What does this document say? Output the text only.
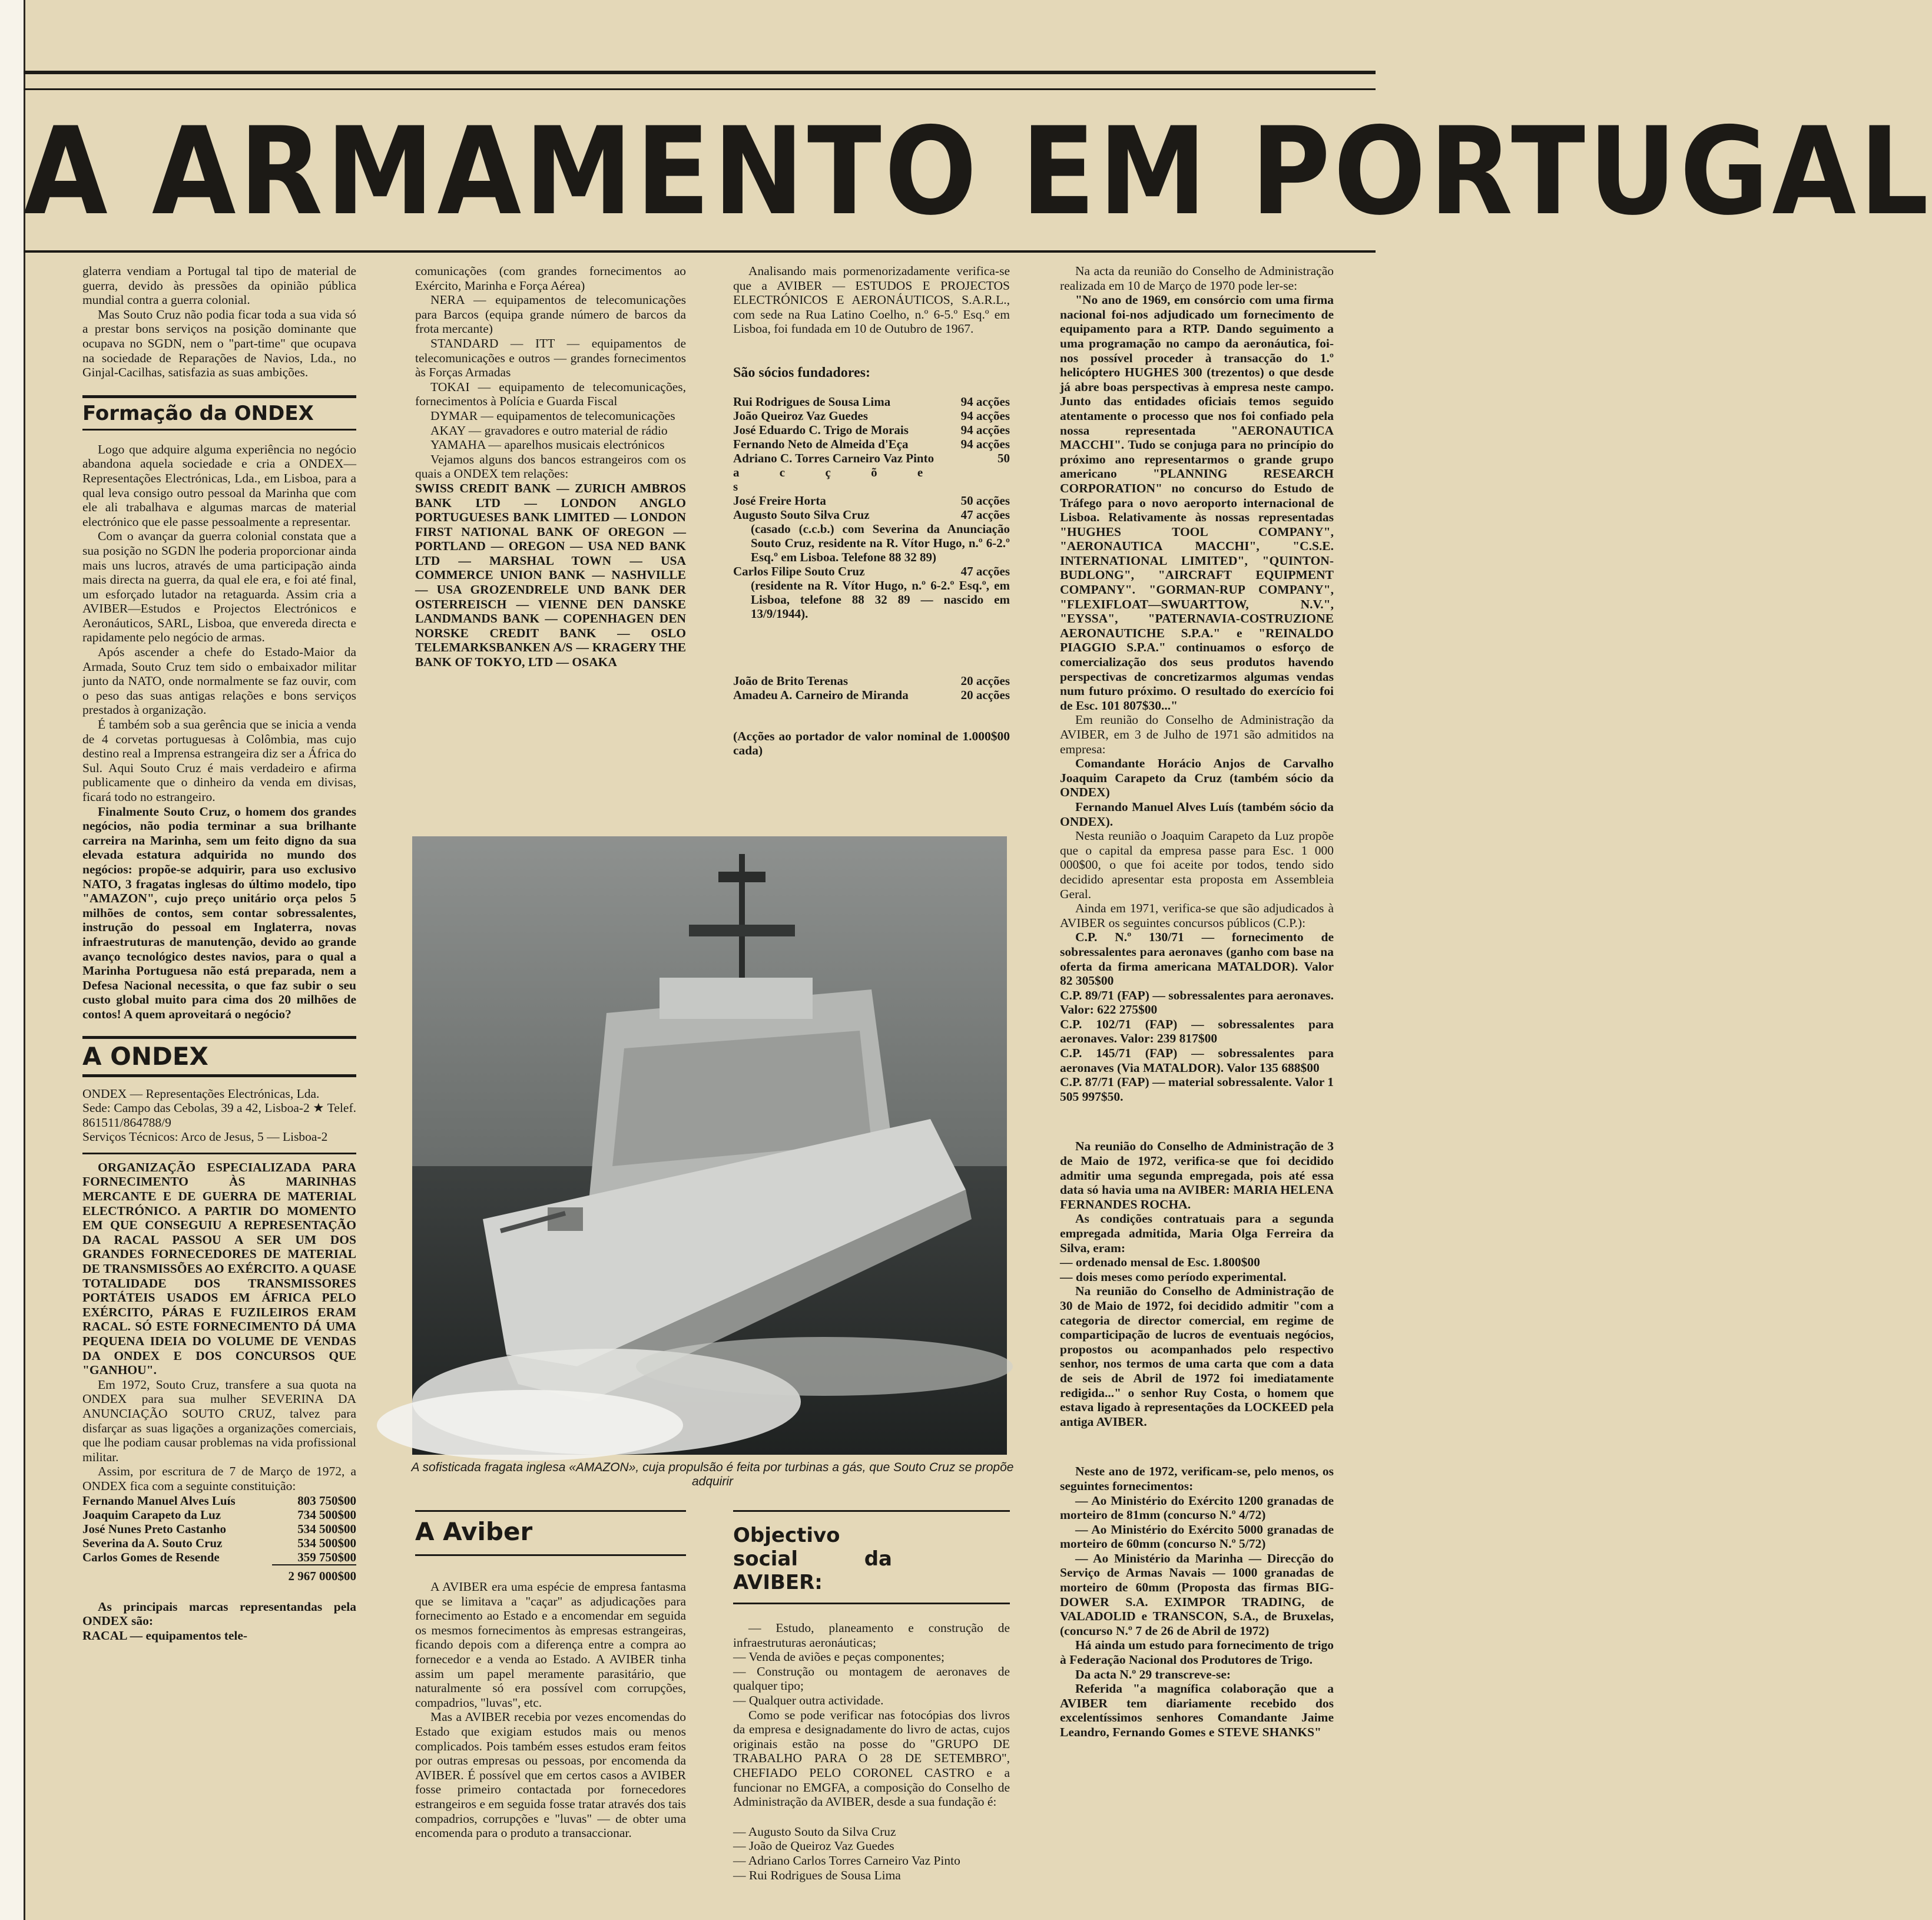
A ARMAMENTO EM PORTUGAL

glaterra vendiam a Portugal tal tipo de material de guerra, devido às pressões da opinião pública mundial contra a guerra colonial.

Mas Souto Cruz não podia ficar toda a sua vida só a prestar bons serviços na posição dominante que ocupava no SGDN, nem o "part-time" que ocupava na sociedade de Reparações de Navios, Lda., no Ginjal-Cacilhas, satisfazia as suas ambições.

Formação da ONDEX

Logo que adquire alguma experiência no negócio abandona aquela sociedade e cria a ONDEX—Representações Electrónicas, Lda., em Lisboa, para a qual leva consigo outro pessoal da Marinha que com ele ali trabalhava e algumas marcas de material electrónico que ele passe pessoalmente a representar.

Com o avançar da guerra colonial constata que a sua posição no SGDN lhe poderia proporcionar ainda mais uns lucros, através de uma participação ainda mais directa na guerra, da qual ele era, e foi até final, um esforçado lutador na retaguarda. Assim cria a AVIBER—Estudos e Projectos Electrónicos e Aeronáuticos, SARL, Lisboa, que envereda directa e rapidamente pelo negócio de armas.

Após ascender a chefe do Estado-Maior da Armada, Souto Cruz tem sido o embaixador militar junto da NATO, onde normalmente se faz ouvir, com o peso das suas antigas relações e bons serviços prestados à organização.

É também sob a sua gerência que se inicia a venda de 4 corvetas portuguesas à Colômbia, mas cujo destino real a Imprensa estrangeira diz ser a África do Sul. Aqui Souto Cruz é mais verdadeiro e afirma publicamente que o dinheiro da venda em divisas, ficará todo no estrangeiro.

Finalmente Souto Cruz, o homem dos grandes negócios, não podia terminar a sua brilhante carreira na Marinha, sem um feito digno da sua elevada estatura adquirida no mundo dos negócios: propõe-se adquirir, para uso exclusivo NATO, 3 fragatas inglesas do último modelo, tipo "AMAZON", cujo preço unitário orça pelos 5 milhões de contos, sem contar sobressalentes, instrução do pessoal em Inglaterra, novas infraestruturas de manutenção, devido ao grande avanço tecnológico destes navios, para o qual a Marinha Portuguesa não está preparada, nem a Defesa Nacional necessita, o que faz subir o seu custo global muito para cima dos 20 milhões de contos! A quem aproveitará o negócio?

A ONDEX

ONDEX — Representações Electrónicas, Lda.

Sede: Campo das Cebolas, 39 a 42, Lisboa-2 ★ Telef. 861511/864788/9

Serviços Técnicos: Arco de Jesus, 5 — Lisboa-2

ORGANIZAÇÃO ESPECIALIZADA PARA FORNECIMENTO ÀS MARINHAS MERCANTE E DE GUERRA DE MATERIAL ELECTRÓNICO. A PARTIR DO MOMENTO EM QUE CONSEGUIU A REPRESENTAÇÃO DA RACAL PASSOU A SER UM DOS GRANDES FORNECEDORES DE MATERIAL DE TRANSMISSÕES AO EXÉRCITO. A QUASE TOTALIDADE DOS TRANSMISSORES PORTÁTEIS USADOS EM ÁFRICA PELO EXÉRCITO, PÁRAS E FUZILEIROS ERAM RACAL. SÓ ESTE FORNECIMENTO DÁ UMA PEQUENA IDEIA DO VOLUME DE VENDAS DA ONDEX E DOS CONCURSOS QUE "GANHOU".

Em 1972, Souto Cruz, transfere a sua quota na ONDEX para sua mulher SEVERINA DA ANUNCIAÇÃO SOUTO CRUZ, talvez para disfarçar as suas ligações a organizações comerciais, que lhe podiam causar problemas na vida profissional militar.

Assim, por escritura de 7 de Março de 1972, a ONDEX fica com a seguinte constituição:

Fernando Manuel Alves Luís	803 750$00
Joaquim Carapeto da Luz	734 500$00
José Nunes Preto Castanho	534 500$00
Severina da A. Souto Cruz	534 500$00
Carlos Gomes de Resende	359 750$00
	2 967 000$00

As principais marcas representandas pela ONDEX são:

RACAL — equipamentos tele-

comunicações (com grandes fornecimentos ao Exército, Marinha e Força Aérea)

NERA — equipamentos de telecomunicações para Barcos (equipa grande número de barcos da frota mercante)

STANDARD — ITT — equipamentos de telecomunicações e outros — grandes fornecimentos às Forças Armadas

TOKAI — equipamento de telecomunicações, fornecimentos à Polícia e Guarda Fiscal

DYMAR — equipamentos de telecomunicações

AKAY — gravadores e outro material de rádio

YAMAHA — aparelhos musicais electrónicos

Vejamos alguns dos bancos estrangeiros com os quais a ONDEX tem relações:

SWISS CREDIT BANK — ZURICH AMBROS BANK LTD — LONDON ANGLO PORTUGUESES BANK LIMITED — LONDON FIRST NATIONAL BANK OF OREGON — PORTLAND — OREGON — USA NED BANK LTD — MARSHAL TOWN — USA COMMERCE UNION BANK — NASHVILLE — USA GROZENDRELE UND BANK DER OSTERREISCH — VIENNE DEN DANSKE LANDMANDS BANK — COPENHAGEN DEN NORSKE CREDIT BANK — OSLO TELEMARKSBANKEN A/S — KRAGERY THE BANK OF TOKYO, LTD — OSAKA

Analisando mais pormenorizadamente verifica-se que a AVIBER — ESTUDOS E PROJECTOS ELECTRÓNICOS E AERONÁUTICOS, S.A.R.L., com sede na Rua Latino Coelho, n.º 6-5.º Esq.º em Lisboa, foi fundada em 10 de Outubro de 1967.

São sócios fundadores:

Rui Rodrigues de Sousa Lima	94 acções
João Queiroz Vaz Guedes	94 acções
José Eduardo C. Trigo de Morais	94 acções
Fernando Neto de Almeida d'Eça	94 acções
Adriano C. Torres Carneiro Vaz Pinto	50
a c ç õ e s	
José Freire Horta	50 acções
Augusto Souto Silva Cruz	47 acções
(casado (c.c.b.) com Severina da Anunciação Souto Cruz, residente na R. Vítor Hugo, n.º 6-2.º Esq.º em Lisboa. Telefone 88 32 89)	
Carlos Filipe Souto Cruz	47 acções
(residente na R. Vítor Hugo, n.º 6-2.º Esq.º, em Lisboa, telefone 88 32 89 — nascido em 13/9/1944).	
João de Brito Terenas	20 acções
Amadeu A. Carneiro de Miranda	20 acções

(Acções ao portador de valor nominal de 1.000$00 cada)

Na acta da reunião do Conselho de Administração realizada em 10 de Março de 1970 pode ler-se:

"No ano de 1969, em consórcio com uma firma nacional foi-nos adjudicado um fornecimento de equipamento para a RTP. Dando seguimento a uma programação no campo da aeronáutica, foi-nos possível proceder à transacção do 1.º helicóptero HUGHES 300 (trezentos) o que desde já abre boas perspectivas à empresa neste campo. Junto das entidades oficiais temos seguido atentamente o processo que nos foi confiado pela nossa representada "AERONAUTICA MACCHI". Tudo se conjuga para no princípio do próximo ano representarmos o grande grupo americano "PLANNING RESEARCH CORPORATION" no concurso do Estudo de Tráfego para o novo aeroporto internacional de Lisboa. Relativamente às nossas representadas "HUGHES TOOL COMPANY", "AERONAUTICA MACCHI", "C.S.E. INTERNATIONAL LIMITED", "QUINTON-BUDLONG", "AIRCRAFT EQUIPMENT COMPANY". "GORMAN-RUP COMPANY", "FLEXIFLOAT—SWUARTTOW, N.V.", "EYSSA", "PATERNAVIA-COSTRUZIONE AERONAUTICHE S.P.A." e "REINALDO PIAGGIO S.P.A." continuamos o esforço de comercialização dos seus produtos havendo perspectivas de concretizarmos algumas vendas num futuro próximo. O resultado do exercício foi de Esc. 101 807$30..."

Em reunião do Conselho de Administração da AVIBER, em 3 de Julho de 1971 são admitidos na empresa:

Comandante Horácio Anjos de Carvalho Joaquim Carapeto da Cruz (também sócio da ONDEX)

Fernando Manuel Alves Luís (também sócio da ONDEX).

Nesta reunião o Joaquim Carapeto da Luz propõe que o capital da empresa passe para Esc. 1 000 000$00, o que foi aceite por todos, tendo sido decidido apresentar esta proposta em Assembleia Geral.

Ainda em 1971, verifica-se que são adjudicados à AVIBER os seguintes concursos públicos (C.P.):

C.P. N.º 130/71 — fornecimento de sobressalentes para aeronaves (ganho com base na oferta da firma americana MATALDOR). Valor 82 305$00

C.P. 89/71 (FAP) — sobressalentes para aeronaves. Valor: 622 275$00

C.P. 102/71 (FAP) — sobressalentes para aeronaves. Valor: 239 817$00

C.P. 145/71 (FAP) — sobressalentes para aeronaves (Via MATALDOR). Valor 135 688$00

C.P. 87/71 (FAP) — material sobressalente. Valor 1 505 997$50.

Na reunião do Conselho de Administração de 3 de Maio de 1972, verifica-se que foi decidido admitir uma segunda empregada, pois até essa data só havia uma na AVIBER: MARIA HELENA FERNANDES ROCHA.

As condições contratuais para a segunda empregada admitida, Maria Olga Ferreira da Silva, eram:

— ordenado mensal de Esc. 1.800$00

— dois meses como período experimental.

Na reunião do Conselho de Administração de 30 de Maio de 1972, foi decidido admitir "com a categoria de director comercial, em regime de comparticipação de lucros de eventuais negócios, propostos ou acompanhados pelo respectivo senhor, nos termos de uma carta que com a data de seis de Abril de 1972 foi imediatamente redigida..." o senhor Ruy Costa, o homem que estava ligado à representações da LOCKEED pela antiga AVIBER.

Neste ano de 1972, verificam-se, pelo menos, os seguintes fornecimentos:

— Ao Ministério do Exército 1200 granadas de morteiro de 81mm (concurso N.º 4/72)

— Ao Ministério do Exército 5000 granadas de morteiro de 60mm (concurso N.º 5/72)

— Ao Ministério da Marinha — Direcção do Serviço de Armas Navais — 1000 granadas de morteiro de 60mm (Proposta das firmas BIG-DOWER S.A. EXIMPOR TRADING, de VALADOLID e TRANSCON, S.A., de Bruxelas, (concurso N.º 7 de 26 de Abril de 1972)

Há ainda um estudo para fornecimento de trigo à Federação Nacional dos Produtores de Trigo.

Da acta N.º 29 transcreve-se:

Referida "a magnífica colaboração que a AVIBER tem diariamente recebido dos excelentíssimos senhores Comandante Jaime Leandro, Fernando Gomes e STEVE SHANKS"

A sofisticada fragata inglesa «AMAZON», cuja propulsão é feita por turbinas a gás, que Souto Cruz se propõe adquirir
A Aviber

A AVIBER era uma espécie de empresa fantasma que se limitava a "caçar" as adjudicações para fornecimento ao Estado e a encomendar em seguida os mesmos fornecimentos às empresas estrangeiras, ficando depois com a diferença entre a compra ao fornecedor e a venda ao Estado. A AVIBER tinha assim um papel meramente parasitário, que naturalmente só era possível com corrupções, compadrios, "luvas", etc.

Mas a AVIBER recebia por vezes encomendas do Estado que exigiam estudos mais ou menos complicados. Pois também esses estudos eram feitos por outras empresas ou pessoas, por encomenda da AVIBER. É possível que em certos casos a AVIBER fosse primeiro contactada por fornecedores estrangeiros e em seguida fosse tratar através dos tais compadrios, corrupções e "luvas" — de obter uma encomenda para o produto a transaccionar.

Objectivo social da AVIBER:

— Estudo, planeamento e construção de infraestruturas aeronáuticas;

— Venda de aviões e peças componentes;

— Construção ou montagem de aeronaves de qualquer tipo;

— Qualquer outra actividade.

Como se pode verificar nas fotocópias dos livros da empresa e designadamente do livro de actas, cujos originais estão na posse do "GRUPO DE TRABALHO PARA O 28 DE SETEMBRO", CHEFIADO PELO CORONEL CASTRO e a funcionar no EMGFA, a composição do Conselho de Administração da AVIBER, desde a sua fundação é:

— Augusto Souto da Silva Cruz

— João de Queiroz Vaz Guedes

— Adriano Carlos Torres Carneiro Vaz Pinto

— Rui Rodrigues de Sousa Lima
